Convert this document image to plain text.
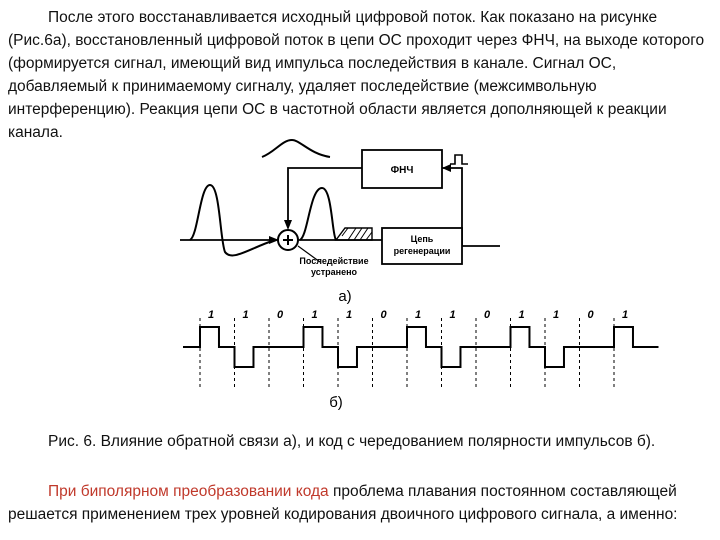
После этого восстанавливается исходный цифровой поток. Как показано на рисунке (Рис.6а), восстановленный цифровой поток в цепи ОС проходит через ФНЧ, на выходе которого (формируется сигнал, имеющий вид импульса последействия в канале. Сигнал ОС, добавляемый к принимаемому сигналу, удаляет последействие (межсимвольную интерференцию). Реакция цепи ОС в частотной области является дополняющей к реакции канала.
ФНЧ
Цепь
регенерации
Последействие
устранено
а)
1	1	0	1	1	0	1	1	0	1	1	0	1
б)
Рис. 6. Влияние обратной связи а), и код с чередованием полярности импульсов б).
При биполярном преобразовании кода проблема плавания постоянном составляющей решается применением трех уровней кодирования двоичного цифрового сигнала, а именно:
